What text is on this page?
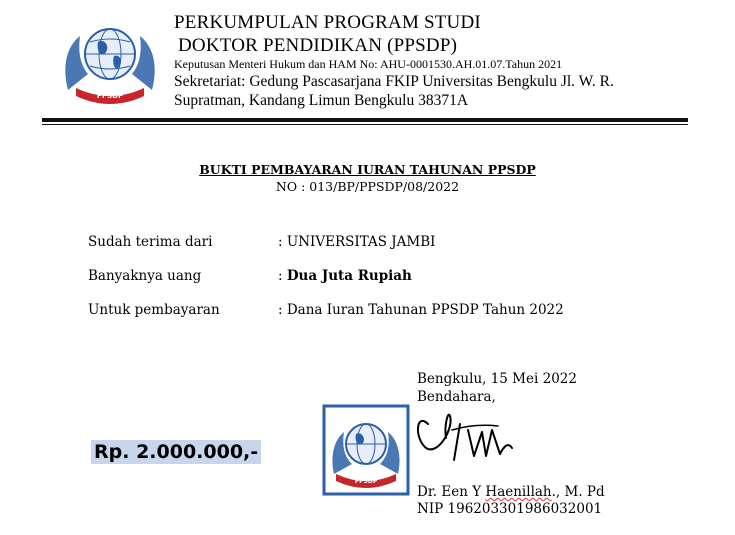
PPSDP
PERKUMPULAN PROGRAM STUDI
DOKTOR PENDIDIKAN (PPSDP)
Keputusan Menteri Hukum dan HAM No: AHU-0001530.AH.01.07.Tahun 2021
Sekretariat: Gedung Pascasarjana FKIP Universitas Bengkulu Jl. W. R.
Supratman, Kandang Limun Bengkulu 38371A
BUKTI PEMBAYARAN IURAN TAHUNAN PPSDP
NO : 013/BP/PPSDP/08/2022
Sudah terima dari	: UNIVERSITAS JAMBI
Banyaknya uang	: Dua Juta Rupiah
Untuk pembayaran	: Dana Iuran Tahunan PPSDP Tahun 2022
Bengkulu, 15 Mei 2022
Bendahara,
PPSDP
Dr. Een Y Haenillah., M. Pd
NIP 196203301986032001
Rp. 2.000.000,-
